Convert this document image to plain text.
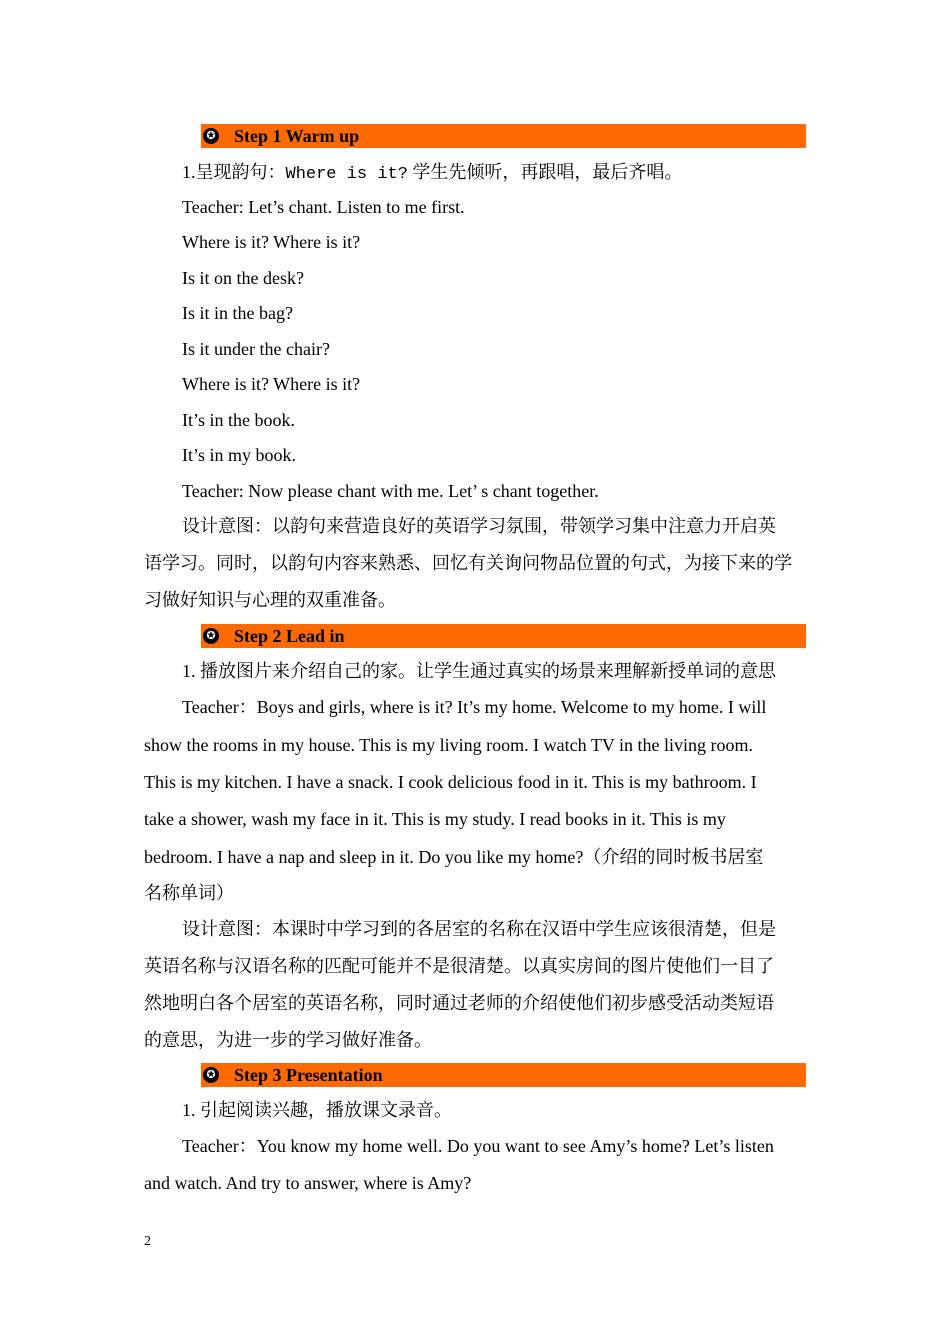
✪ Step 1 Warm up
1.呈现韵句：Where is it? 学生先倾听，再跟唱，最后齐唱。
Teacher: Let’s chant. Listen to me first.
Where is it? Where is it?
Is it on the desk?
Is it in the bag?
Is it under the chair?
Where is it? Where is it?
It’s in the book.
It’s in my book.
Teacher: Now please chant with me. Let’ s chant together.
设计意图：以韵句来营造良好的英语学习氛围，带领学习集中注意力开启英
语学习。同时，以韵句内容来熟悉、回忆有关询问物品位置的句式，为接下来的学
习做好知识与心理的双重准备。
✪ Step 2 Lead in
1. 播放图片来介绍自己的家。让学生通过真实的场景来理解新授单词的意思
Teacher：Boys and girls, where is it? It’s my home. Welcome to my home. I will
show the rooms in my house. This is my living room. I watch TV in the living room.
This is my kitchen. I have a snack. I cook delicious food in it. This is my bathroom. I
take a shower, wash my face in it. This is my study. I read books in it. This is my
bedroom. I have a nap and sleep in it. Do you like my home?（介绍的同时板书居室
名称单词）
设计意图：本课时中学习到的各居室的名称在汉语中学生应该很清楚，但是
英语名称与汉语名称的匹配可能并不是很清楚。以真实房间的图片使他们一目了
然地明白各个居室的英语名称，同时通过老师的介绍使他们初步感受活动类短语
的意思，为进一步的学习做好准备。
✪ Step 3 Presentation
1. 引起阅读兴趣，播放课文录音。
Teacher：You know my home well. Do you want to see Amy’s home? Let’s listen
and watch. And try to answer, where is Amy?
2
